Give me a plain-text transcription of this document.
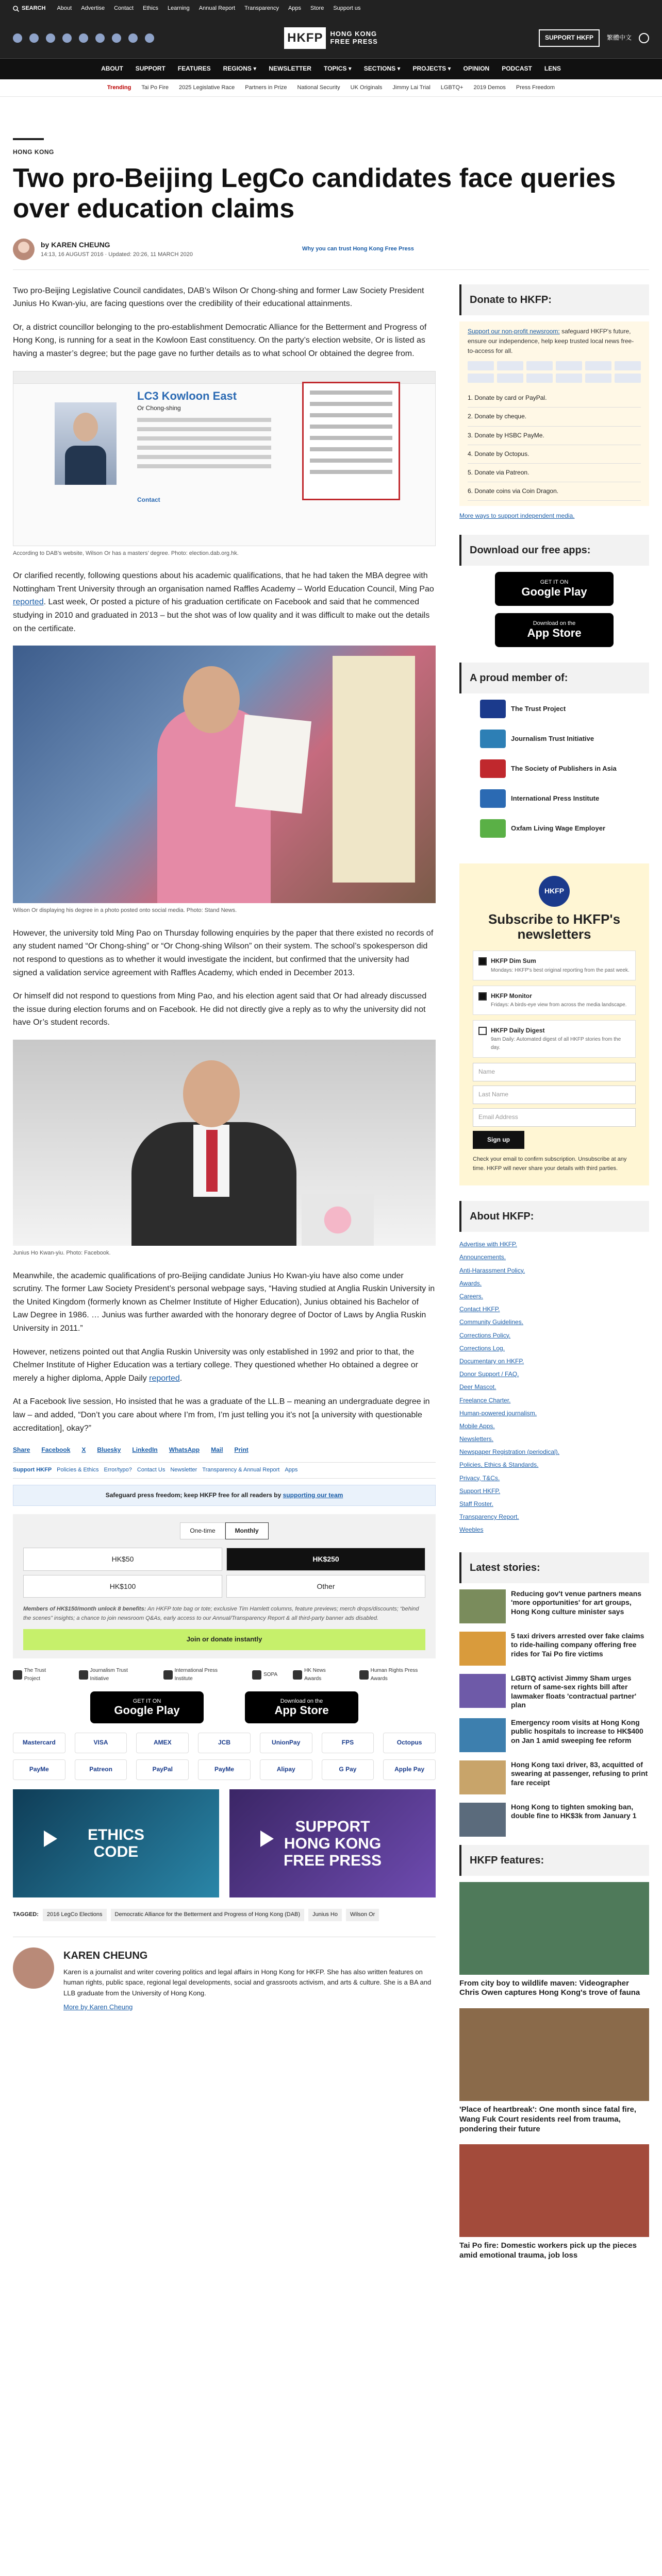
SEARCH About Advertise Contact Ethics Learning Annual Report Transparency Apps Store Support us
HKFP	HONG KONG
FREE PRESS	SUPPORT HKFP	繁體中文
ABOUT SUPPORT FEATURES REGIONS ▾ NEWSLETTER TOPICS ▾ SECTIONS ▾ PROJECTS ▾ OPINION PODCAST LENS
Trending Tai Po Fire 2025 Legislative Race Partners in Prize National Security UK Originals Jimmy Lai Trial LGBTQ+ 2019 Demos Press Freedom
HONG KONG
Two pro-Beijing LegCo candidates face queries over education claims
by KAREN CHEUNG
14:13, 16 AUGUST 2016 · Updated: 20:26, 11 MARCH 2020
Why you can trust Hong Kong Free Press

Two pro-Beijing Legislative Council candidates, DAB’s Wilson Or Chong-shing and former Law Society President Junius Ho Kwan-yiu, are facing questions over the credibility of their educational attainments.

Or, a district councillor belonging to the pro-establishment Democratic Alliance for the Betterment and Progress of Hong Kong, is running for a seat in the Kowloon East constituency. On the party’s election website, Or is listed as having a master’s degree; but the page gave no further details as to what school Or obtained the degree from.

LC3 Kowloon East
Or Chong-shing
Contact
According to DAB’s website, Wilson Or has a masters’ degree. Photo: election.dab.org.hk.

Or clarified recently, following questions about his academic qualifications, that he had taken the MBA degree with Nottingham Trent University through an organisation named Raffles Academy – World Education Council, Ming Pao reported. Last week, Or posted a picture of his graduation certificate on Facebook and said that he commenced studying in 2010 and graduated in 2013 – but the shot was of low quality and it was difficult to make out the details on the certificate.

Wilson Or displaying his degree in a photo posted onto social media. Photo: Stand News.

However, the university told Ming Pao on Thursday following enquiries by the paper that there existed no records of any student named “Or Chong-shing” or “Or Chong-shing Wilson” on their system. The school’s spokesperson did not respond to questions as to whether it would investigate the incident, but confirmed that the university had signed a validation service agreement with Raffles Academy, which ended in December 2013.

Or himself did not respond to questions from Ming Pao, and his election agent said that Or had already discussed the issue during election forums and on Facebook. He did not directly give a reply as to why the university did not have Or’s student records.

Junius Ho Kwan-yiu. Photo: Facebook.

Meanwhile, the academic qualifications of pro-Beijing candidate Junius Ho Kwan-yiu have also come under scrutiny. The former Law Society President’s personal webpage says, “Having studied at Anglia Ruskin University in the United Kingdom (formerly known as Chelmer Institute of Higher Education), Junius obtained his Bachelor of Law Degree in 1986. … Junius was further awarded with the honorary degree of Doctor of Laws by Anglia Ruskin University in 2011.”

However, netizens pointed out that Anglia Ruskin University was only established in 1992 and prior to that, the Chelmer Institute of Higher Education was a tertiary college. They questioned whether Ho obtained a degree or merely a higher diploma, Apple Daily reported.

At a Facebook live session, Ho insisted that he was a graduate of the LL.B – meaning an undergraduate degree in law – and added, “Don’t you care about where I’m from, I’m just telling you it’s not [a university with questionable accreditation], okay?”

Share Facebook X Bluesky LinkedIn WhatsApp Mail Print
Support HKFP Policies & Ethics Error/typo? Contact Us Newsletter Transparency & Annual Report Apps
Safeguard press freedom; keep HKFP free for all readers by supporting our team
One-time	Monthly
HK$50	HK$250
HK$100	Other
Members of HK$150/month unlock 8 benefits: An HKFP tote bag or tote; exclusive Tim Hamlett columns, feature previews; merch drops/discounts; “behind the scenes” insights; a chance to join newsroom Q&As, early access to our Annual/Transparency Report & all third-party banner ads disabled.
Join or donate instantly
The Trust Project
Journalism Trust Initiative
International Press Institute
SOPA
HK News Awards
Human Rights Press Awards
GET IT ON
Google Play
Download on the
App Store
Mastercard	VISA	AMEX	JCB	UnionPay	FPS	Octopus
PayMe	Patreon	PayPal	PayMe	Alipay	G Pay	Apple Pay
ETHICS
CODE
SUPPORT
HONG KONG
FREE PRESS
TAGGED:	2016 LegCo Elections	Democratic Alliance for the Betterment and Progress of Hong Kong (DAB)	Junius Ho	Wilson Or
KAREN CHEUNG

Karen is a journalist and writer covering politics and legal affairs in Hong Kong for HKFP. She has also written features on human rights, public space, regional legal developments, social and grassroots activism, and arts & culture. She is a BA and LLB graduate from the University of Hong Kong.

More by Karen Cheung

Donate to HKFP:
Support our non-profit newsroom: safeguard HKFP's future, ensure our independence, help keep trusted local news free-to-access for all.
1. Donate by card or PayPal.
2. Donate by cheque.
3. Donate by HSBC PayMe.
4. Donate by Octopus.
5. Donate via Patreon.
6. Donate coins via Coin Dragon.
More ways to support independent media.
Download our free apps:
GET IT ON
Google Play
Download on the
App Store
A proud member of:
The Trust Project
Journalism Trust Initiative
The Society of Publishers in Asia
International Press Institute
Oxfam Living Wage Employer
HKFP
Subscribe to HKFP's newsletters
HKFP Dim Sum
Mondays: HKFP's best original reporting from the past week.
HKFP Monitor
Fridays: A birds-eye view from across the media landscape.
HKFP Daily Digest
9am Daily: Automated digest of all HKFP stories from the day.
Name
Last Name
Email Address
Sign up
Check your email to confirm subscription. Unsubscribe at any time. HKFP will never share your details with third parties.
About HKFP:
Advertise with HKFP.
Announcements.
Anti-Harassment Policy.
Awards.
Careers.
Contact HKFP.
Community Guidelines.
Corrections Policy.
Corrections Log.
Documentary on HKFP.
Donor Support / FAQ.
Deer Mascot.
Freelance Charter.
Human-powered journalism.
Mobile Apps.
Newsletters.
Newspaper Registration (periodical).
Policies, Ethics & Standards.
Privacy, T&Cs.
Support HKFP.
Staff Roster.
Transparency Report.
Weebles
Latest stories:
Reducing gov't venue partners means 'more opportunities' for art groups, Hong Kong culture minister says
5 taxi drivers arrested over fake claims to ride-hailing company offering free rides for Tai Po fire victims
LGBTQ activist Jimmy Sham urges return of same-sex rights bill after lawmaker floats 'contractual partner' plan
Emergency room visits at Hong Kong public hospitals to increase to HK$400 on Jan 1 amid sweeping fee reform
Hong Kong taxi driver, 83, acquitted of swearing at passenger, refusing to print fare receipt
Hong Kong to tighten smoking ban, double fine to HK$3k from January 1
HKFP features:
From city boy to wildlife maven: Videographer Chris Owen captures Hong Kong's trove of fauna
'Place of heartbreak': One month since fatal fire, Wang Fuk Court residents reel from trauma, pondering their future
Tai Po fire: Domestic workers pick up the pieces amid emotional trauma, job loss
